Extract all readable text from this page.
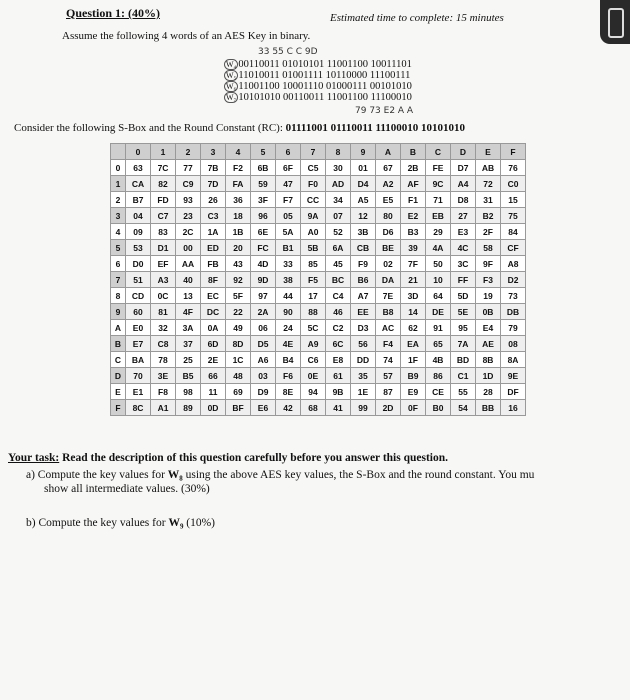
Question 1: (40%)	Estimated time to complete: 15 minutes
Assume the following 4 words of an AES Key in binary.
33 55 C C 9D
W₄ 00110011 01010101 11001100 10011101
W₅ 11010011 01001111 10110000 11100111
W₆ 11001100 10001110 01000111 00101010
W₇ 10101010 00110011 11001100 11100010
79 73 E2 A A
Consider the following S-Box and the Round Constant (RC): 01111001 01110011 11100010 10101010
	0	1	2	3	4	5	6	7	8	9	A	B	C	D	E	F
0	63	7C	77	7B	F2	6B	6F	C5	30	01	67	2B	FE	D7	AB	76
1	CA	82	C9	7D	FA	59	47	F0	AD	D4	A2	AF	9C	A4	72	C0
2	B7	FD	93	26	36	3F	F7	CC	34	A5	E5	F1	71	D8	31	15
3	04	C7	23	C3	18	96	05	9A	07	12	80	E2	EB	27	B2	75
4	09	83	2C	1A	1B	6E	5A	A0	52	3B	D6	B3	29	E3	2F	84
5	53	D1	00	ED	20	FC	B1	5B	6A	CB	BE	39	4A	4C	58	CF
6	D0	EF	AA	FB	43	4D	33	85	45	F9	02	7F	50	3C	9F	A8
7	51	A3	40	8F	92	9D	38	F5	BC	B6	DA	21	10	FF	F3	D2
8	CD	0C	13	EC	5F	97	44	17	C4	A7	7E	3D	64	5D	19	73
9	60	81	4F	DC	22	2A	90	88	46	EE	B8	14	DE	5E	0B	DB
A	E0	32	3A	0A	49	06	24	5C	C2	D3	AC	62	91	95	E4	79
B	E7	C8	37	6D	8D	D5	4E	A9	6C	56	F4	EA	65	7A	AE	08
C	BA	78	25	2E	1C	A6	B4	C6	E8	DD	74	1F	4B	BD	8B	8A
D	70	3E	B5	66	48	03	F6	0E	61	35	57	B9	86	C1	1D	9E
E	E1	F8	98	11	69	D9	8E	94	9B	1E	87	E9	CE	55	28	DF
F	8C	A1	89	0D	BF	E6	42	68	41	99	2D	0F	B0	54	BB	16
Your task: Read the description of this question carefully before you answer this question.
a) Compute the key values for W₈ using the above AES key values, the S-Box and the round constant. You mu
show all intermediate values. (30%)
b) Compute the key values for W₉ (10%)
